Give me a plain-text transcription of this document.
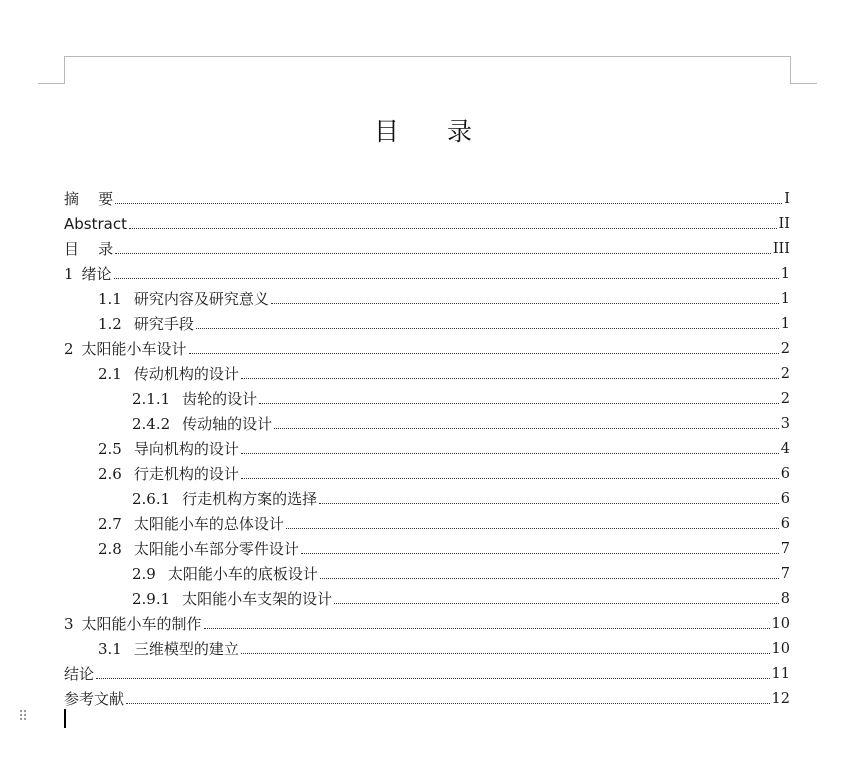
目 录
摘    要	I
Abstract	II
目    录	III
1 绪论	1
1.1 研究内容及研究意义	1
1.2 研究手段	1
2 太阳能小车设计	2
2.1 传动机构的设计	2
2.1.1 齿轮的设计	2
2.4.2 传动轴的设计	3
2.5 导向机构的设计	4
2.6 行走机构的设计	6
2.6.1 行走机构方案的选择	6
2.7 太阳能小车的总体设计	6
2.8 太阳能小车部分零件设计	7
2.9 太阳能小车的底板设计	7
2.9.1 太阳能小车支架的设计	8
3 太阳能小车的制作	10
3.1 三维模型的建立	10
结论	11
参考文献	12
⠿
